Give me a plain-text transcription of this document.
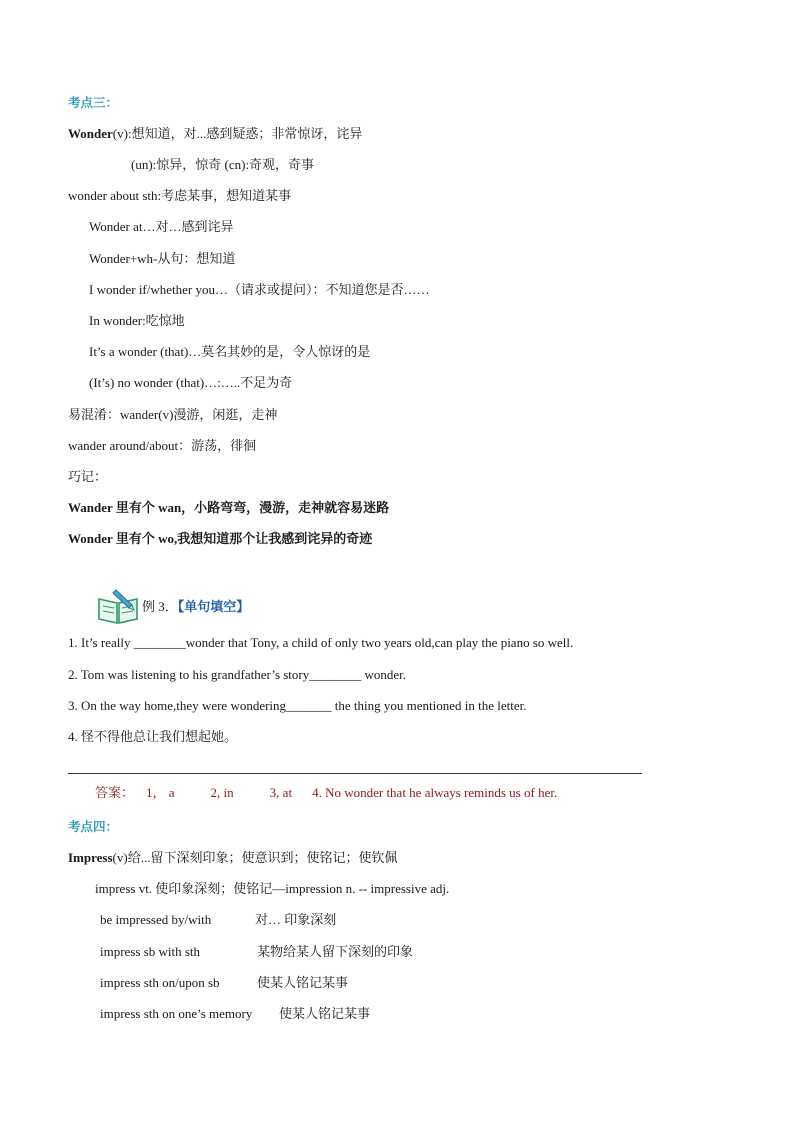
考点三：
Wonder(v):想知道，对...感到疑惑；非常惊讶，诧异
(un):惊异，惊奇 (cn):奇观，奇事
wonder about sth:考虑某事，想知道某事
Wonder at…对…感到诧异
Wonder+wh-从句：想知道
I wonder if/whether you…（请求或提问）：不知道您是否……
In wonder:吃惊地
It’s a wonder (that)…莫名其妙的是，令人惊讶的是
(It’s) no wonder (that)…:…..不足为奇
易混淆：wander(v)漫游，闲逛，走神
wander around/about：游荡，徘徊
巧记：
Wander 里有个 wan，小路弯弯，漫游，走神就容易迷路
Wonder 里有个 wo,我想知道那个让我感到诧异的奇迹
例 3．【单句填空】
1. It’s really ________wonder that Tony, a child of only two years old,can play the piano so well.
2. Tom was listening to his grandfather’s story________ wonder.
3. On the way home,they were wondering_______ the thing you mentioned in the letter.
4. 怪不得他总让我们想起她。
答案： 1， a	2, in	3, at 4. No wonder that he always reminds us of her.
考点四：
Impress(v)给...留下深刻印象；使意识到；使铭记；使钦佩
impress vt. 使印象深刻；使铭记—impression n. -- impressive adj.
be impressed by/with	对… 印象深刻
impress sb with sth	某物给某人留下深刻的印象
impress sth on/upon sb	使某人铭记某事
impress sth on one’s memory 使某人铭记某事
